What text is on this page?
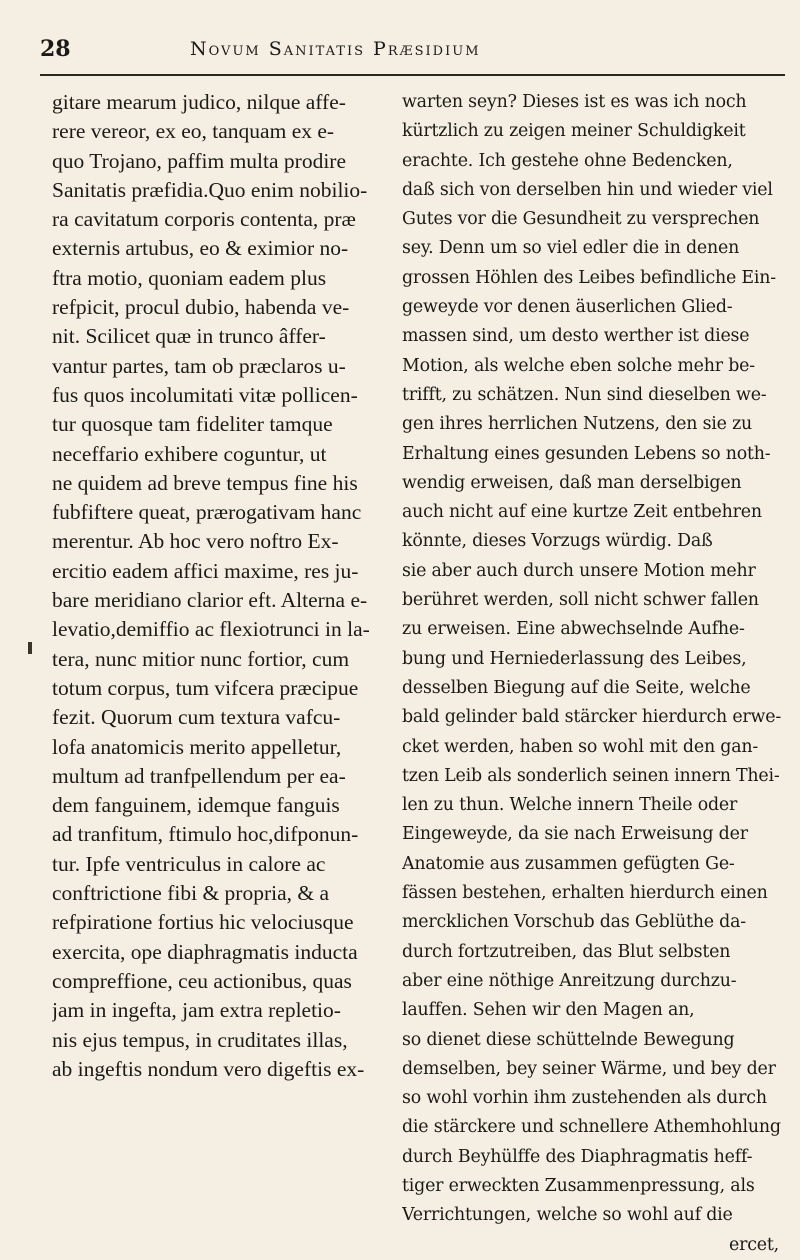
28	Novum Sanitatis Præsidium
gitare mearum judico, nilque affe-
rere vereor, ex eo, tanquam ex e-
quo Trojano, paffim multa prodire
Sanitatis præfidia.Quo enim nobilio-
ra cavitatum corporis contenta, præ
externis artubus, eo & eximior no-
ftra motio, quoniam eadem plus
refpicit, procul dubio, habenda ve-
nit. Scilicet quæ in trunco âffer-
vantur partes, tam ob præclaros u-
fus quos incolumitati vitæ pollicen-
tur quosque tam fideliter tamque
neceffario exhibere coguntur, ut
ne quidem ad breve tempus fine his
fubfiftere queat, prærogativam hanc
merentur. Ab hoc vero noftro Ex-
ercitio eadem affici maxime, res ju-
bare meridiano clarior eft. Alterna e-
levatio,demiffio ac flexiotrunci in la-
tera, nunc mitior nunc fortior, cum
totum corpus, tum vifcera præcipue
fezit. Quorum cum textura vafcu-
lofa anatomicis merito appelletur,
multum ad tranfpellendum per ea-
dem fanguinem, idemque fanguis
ad tranfitum, ftimulo hoc,difponun-
tur. Ipfe ventriculus in calore ac
conftrictione fibi & propria, & a
refpiratione fortius hic velociusque
exercita, ope diaphragmatis inducta
compreffione, ceu actionibus, quas
jam in ingefta, jam extra repletio-
nis ejus tempus, in cruditates illas,
ab ingeftis nondum vero digeftis ex-
warten seyn? Dieses ist es was ich noch
kürtzlich zu zeigen meiner Schuldigkeit
erachte. Ich gestehe ohne Bedencken,
daß sich von derselben hin und wieder viel
Gutes vor die Gesundheit zu versprechen
sey. Denn um so viel edler die in denen
grossen Höhlen des Leibes befindliche Ein-
geweyde vor denen äuserlichen Glied-
massen sind, um desto werther ist diese
Motion, als welche eben solche mehr be-
trifft, zu schätzen. Nun sind dieselben we-
gen ihres herrlichen Nutzens, den sie zu
Erhaltung eines gesunden Lebens so noth-
wendig erweisen, daß man derselbigen
auch nicht auf eine kurtze Zeit entbehren
könnte, dieses Vorzugs würdig. Daß
sie aber auch durch unsere Motion mehr
berühret werden, soll nicht schwer fallen
zu erweisen. Eine abwechselnde Aufhe-
bung und Herniederlassung des Leibes,
desselben Biegung auf die Seite, welche
bald gelinder bald stärcker hierdurch erwe-
cket werden, haben so wohl mit den gan-
tzen Leib als sonderlich seinen innern Thei-
len zu thun. Welche innern Theile oder
Eingeweyde, da sie nach Erweisung der
Anatomie aus zusammen gefügten Ge-
fässen bestehen, erhalten hierdurch einen
mercklichen Vorschub das Geblüthe da-
durch fortzutreiben, das Blut selbsten
aber eine nöthige Anreitzung durchzu-
lauffen. Sehen wir den Magen an,
so dienet diese schüttelnde Bewegung
demselben, bey seiner Wärme, und bey der
so wohl vorhin ihm zustehenden als durch
die stärckere und schnellere Athemhohlung
durch Beyhülffe des Diaphragmatis heff-
tiger erweckten Zusammenpressung, als
Verrichtungen, welche so wohl auf die
ercet,
